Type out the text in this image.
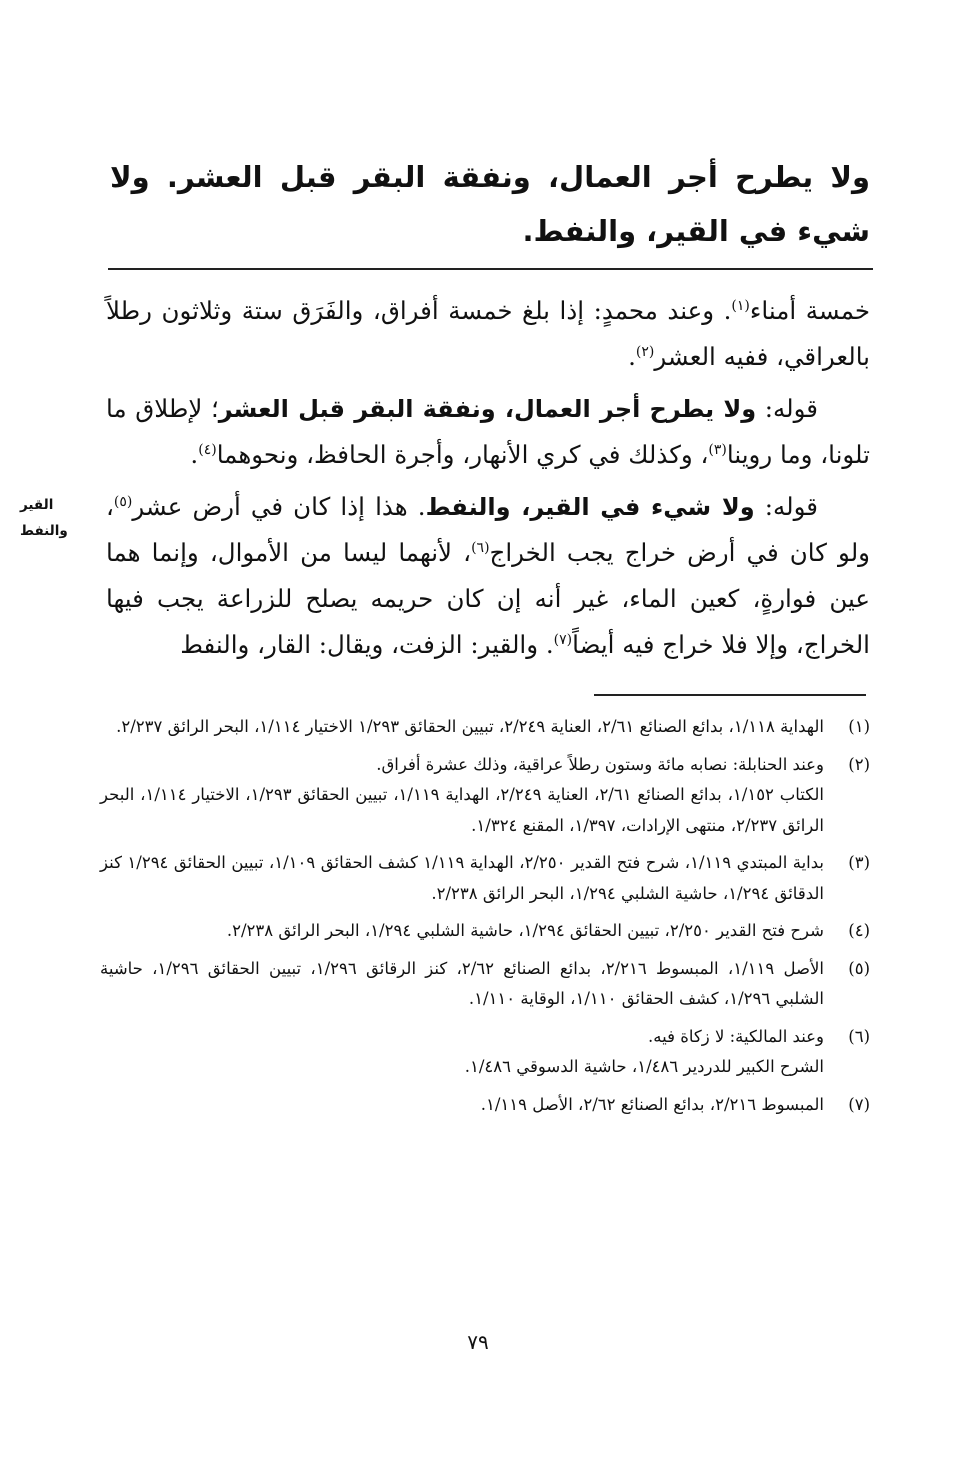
ولا يطرح أجر العمال، ونفقة البقر قبل العشر. ولا شيء في القير، والنفط.

خمسة أمناء$^{(١)}$. وعند محمدٍ: إذا بلغ خمسة أفراق، والفَرَق ستة وثلاثون رطلاً بالعراقي، ففيه العشر$^{(٢)}$.

قوله: ولا يطرح أجر العمال، ونفقة البقر قبل العشر؛ لإطلاق ما تلونا، وما روينا$^{(٣)}$، وكذلك في كري الأنهار، وأجرة الحافظ، ونحوهما$^{(٤)}$.

قوله: ولا شيء في القير، والنفط. هذا إذا كان في أرض عشر$^{(٥)}$، ولو كان في أرض خراج يجب الخراج$^{(٦)}$، لأنهما ليسا من الأموال، وإنما هما عين فوارةٍ، كعين الماء، غير أنه إن كان حريمه يصلح للزراعة يجب فيها الخراج، وإلا فلا خراج فيه أيضاً$^{(٧)}$. والقير: الزفت، ويقال: القار، والنفط

القير
والنفط
(١)
الهداية ١/١١٨، بدائع الصنائع ٢/٦١، العناية ٢/٢٤٩، تبيين الحقائق ١/٢٩٣ الاختيار ١/١١٤، البحر الرائق ٢/٢٣٧.
(٢)
وعند الحنابلة: نصابه مائة وستون رطلاً عراقية، وذلك عشرة أفراق.
الكتاب ١/١٥٢، بدائع الصنائع ٢/٦١، العناية ٢/٢٤٩، الهداية ١/١١٩، تبيين الحقائق ١/٢٩٣، الاختيار ١/١١٤، البحر الرائق ٢/٢٣٧، منتهى الإرادات، ١/٣٩٧، المقنع ١/٣٢٤.
(٣)
بداية المبتدي ١/١١٩، شرح فتح القدير ٢/٢٥٠، الهداية ١/١١٩ كشف الحقائق ١/١٠٩، تبيين الحقائق ١/٢٩٤ كنز الدقائق ١/٢٩٤، حاشية الشلبي ١/٢٩٤، البحر الرائق ٢/٢٣٨.
(٤)
شرح فتح القدير ٢/٢٥٠، تبيين الحقائق ١/٢٩٤، حاشية الشلبي ١/٢٩٤، البحر الرائق ٢/٢٣٨.
(٥)
الأصل ١/١١٩، المبسوط ٢/٢١٦، بدائع الصنائع ٢/٦٢، كنز الرقائق ١/٢٩٦، تبيين الحقائق ١/٢٩٦، حاشية الشلبي ١/٢٩٦، كشف الحقائق ١/١١٠، الوقاية ١/١١٠.
(٦)
وعند المالكية: لا زكاة فيه.
الشرح الكبير للدردير ١/٤٨٦، حاشية الدسوقي ١/٤٨٦.
(٧)
المبسوط ٢/٢١٦، بدائع الصنائع ٢/٦٢، الأصل ١/١١٩.
٧٩
